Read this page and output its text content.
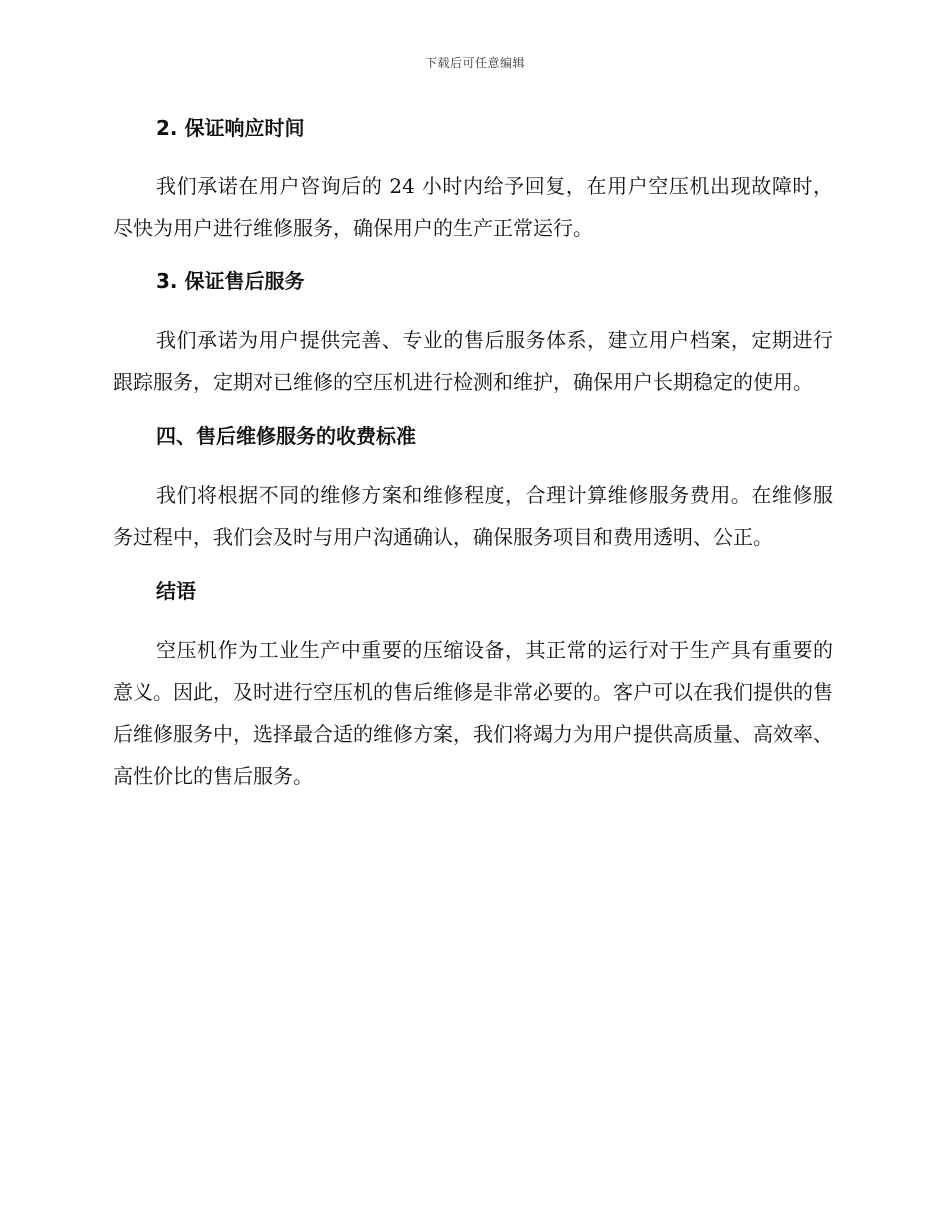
下载后可任意编辑
2. 保证响应时间

我们承诺在用户咨询后的 24 小时内给予回复，在用户空压机出现故障时，尽快为用户进行维修服务，确保用户的生产正常运行。

3. 保证售后服务

我们承诺为用户提供完善、专业的售后服务体系，建立用户档案，定期进行跟踪服务，定期对已维修的空压机进行检测和维护，确保用户长期稳定的使用。

四、售后维修服务的收费标准

我们将根据不同的维修方案和维修程度，合理计算维修服务费用。在维修服务过程中，我们会及时与用户沟通确认，确保服务项目和费用透明、公正。

结语

空压机作为工业生产中重要的压缩设备，其正常的运行对于生产具有重要的意义。因此，及时进行空压机的售后维修是非常必要的。客户可以在我们提供的售后维修服务中，选择最合适的维修方案，我们将竭力为用户提供高质量、高效率、高性价比的售后服务。
